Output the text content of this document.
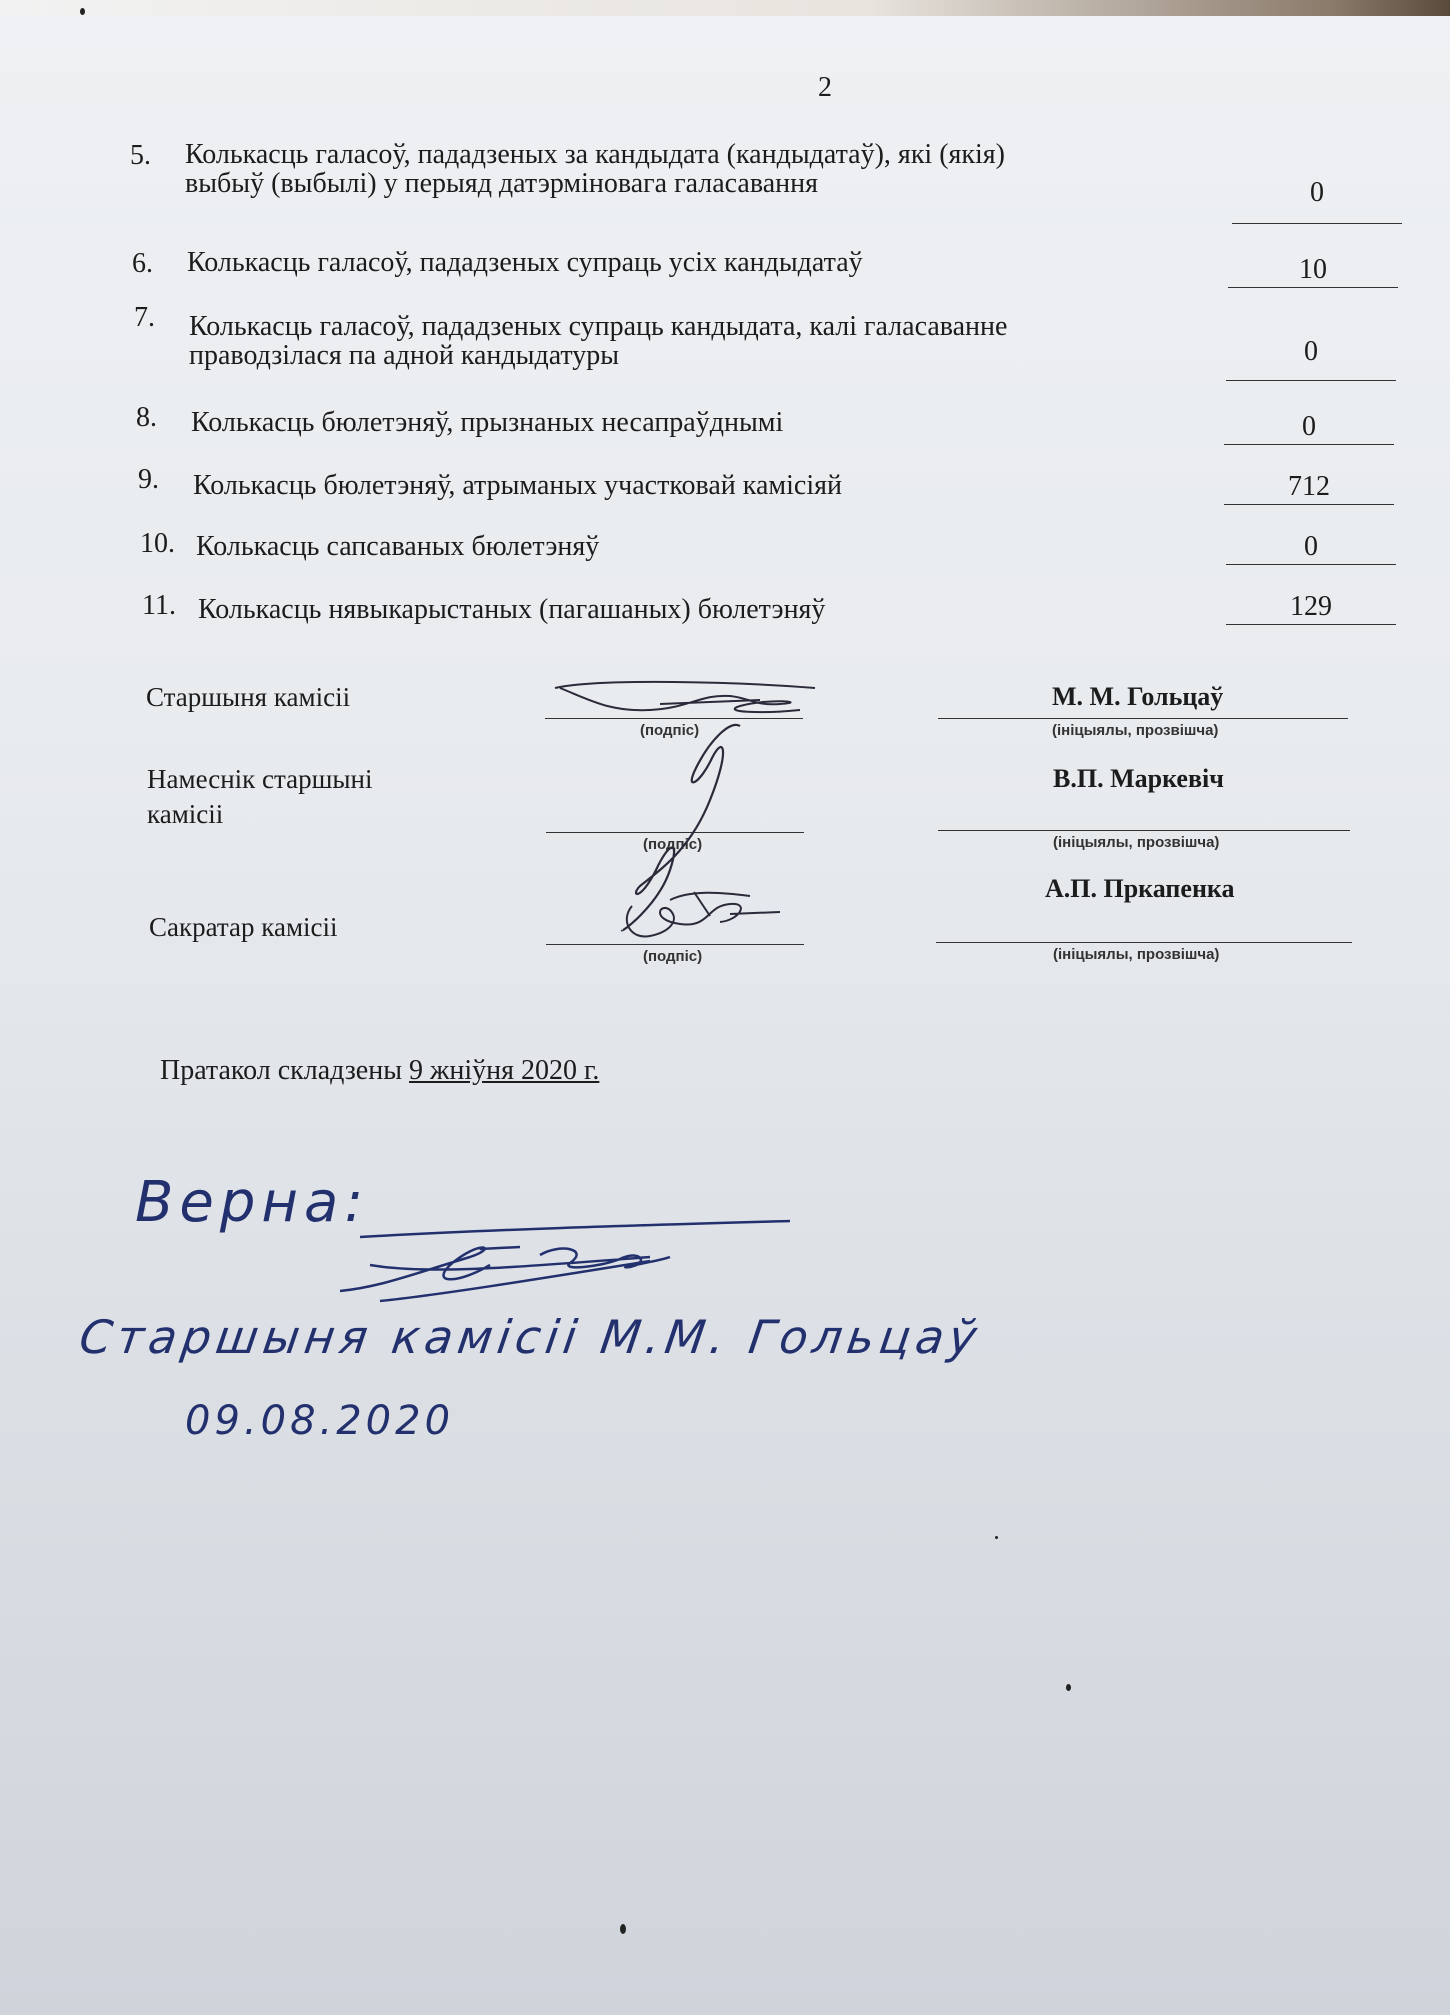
2
5. Колькасць галасоў, пададзеных за кандыдата (кандыдатаў), які (якія)
выбыў (выбылі) у перыяд датэрміновага галасавання	0
6. Колькасць галасоў, пададзеных супраць усіх кандыдатаў	10
7. Колькасць галасоў, пададзеных супраць кандыдата, калі галасаванне
праводзілася па адной кандыдатуры	0
8. Колькасць бюлетэняў, прызнаных несапраўднымі	0
9. Колькасць бюлетэняў, атрыманых участковай камісіяй	712
10. Колькасць сапсаваных бюлетэняў	0
11. Колькасць нявыкарыстаных (пагашаных) бюлетэняў	129
Старшыня камісіі
(подпіс)
М. М. Гольцаў
(ініцыялы, прозвішча)
Намеснік старшыні
камісіі
(подпіс)
В.П. Маркевіч
(ініцыялы, прозвішча)
Сакратар камісіі
(подпіс)
А.П. Пркапенка
(ініцыялы, прозвішча)
Пратакол складзены 9 жніўня 2020 г.
Верна:
Старшыня камісіі М.М. Гольцаў
09.08.2020
